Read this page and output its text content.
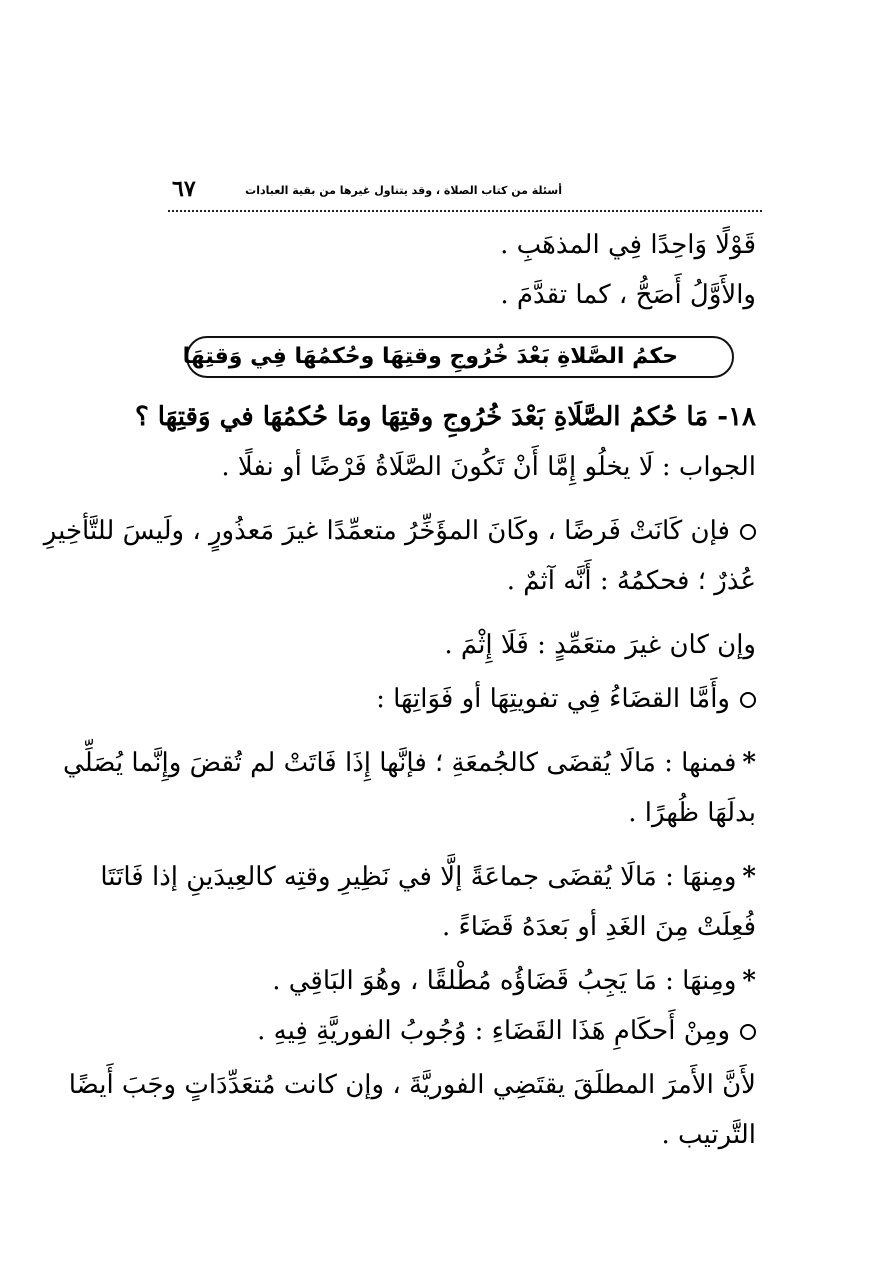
أسئلة من كتاب الصلاة ، وقد يتناول غيرها من بقية العبادات
٦٧
قَوْلًا وَاحِدًا فِي المذهَبِ .
والأَوَّلُ أَصَحُّ ، كما تقدَّمَ .
حكمُ الصَّلاةِ بَعْدَ خُرُوجِ وقتِهَا وحُكمُهَا فِي وَقتِهَا
١٨- مَا حُكمُ الصَّلَاةِ بَعْدَ خُرُوجِ وقتِهَا ومَا حُكمُهَا في وَقتِهَا ؟
الجواب : لَا يخلُو إِمَّا أَنْ تَكُونَ الصَّلَاةُ فَرْضًا أو نفلًا .
فإن كَانَتْ فَرضًا ، وكَانَ المؤَخِّرُ متعمِّدًا غيرَ مَعذُورٍ ، ولَيسَ للتَّأخِيرِ
عُذرٌ ؛ فحكمُهُ : أَنَّه آثمٌ .
وإن كان غيرَ متعَمِّدٍ : فَلَا إِثْمَ .
وأَمَّا القضَاءُ فِي تفويتِهَا أو فَوَاتِهَا :
*فمنها : مَالَا يُقضَى كالجُمعَةِ ؛ فإنَّها إِذَا فَاتَتْ لم تُقضَ وإِنَّما يُصَلِّي
بدلَهَا ظُهرًا .
*ومِنهَا : مَالَا يُقضَى جماعَةً إلَّا في نَظِيرِ وقتِه كالعِيدَينِ إذا فَاتَتَا
فُعِلَتْ مِنَ الغَدِ أو بَعدَهُ قَضَاءً .
*ومِنهَا : مَا يَجِبُ قَضَاؤُه مُطْلقًا ، وهُوَ البَاقِي .
ومِنْ أَحكَامِ هَذَا القَضَاءِ : وُجُوبُ الفوريَّةِ فِيهِ .
لأَنَّ الأَمرَ المطلَقَ يقتَضِي الفوريَّةَ ، وإن كانت مُتعَدِّدَاتٍ وجَبَ أَيضًا
التَّرتيب .
